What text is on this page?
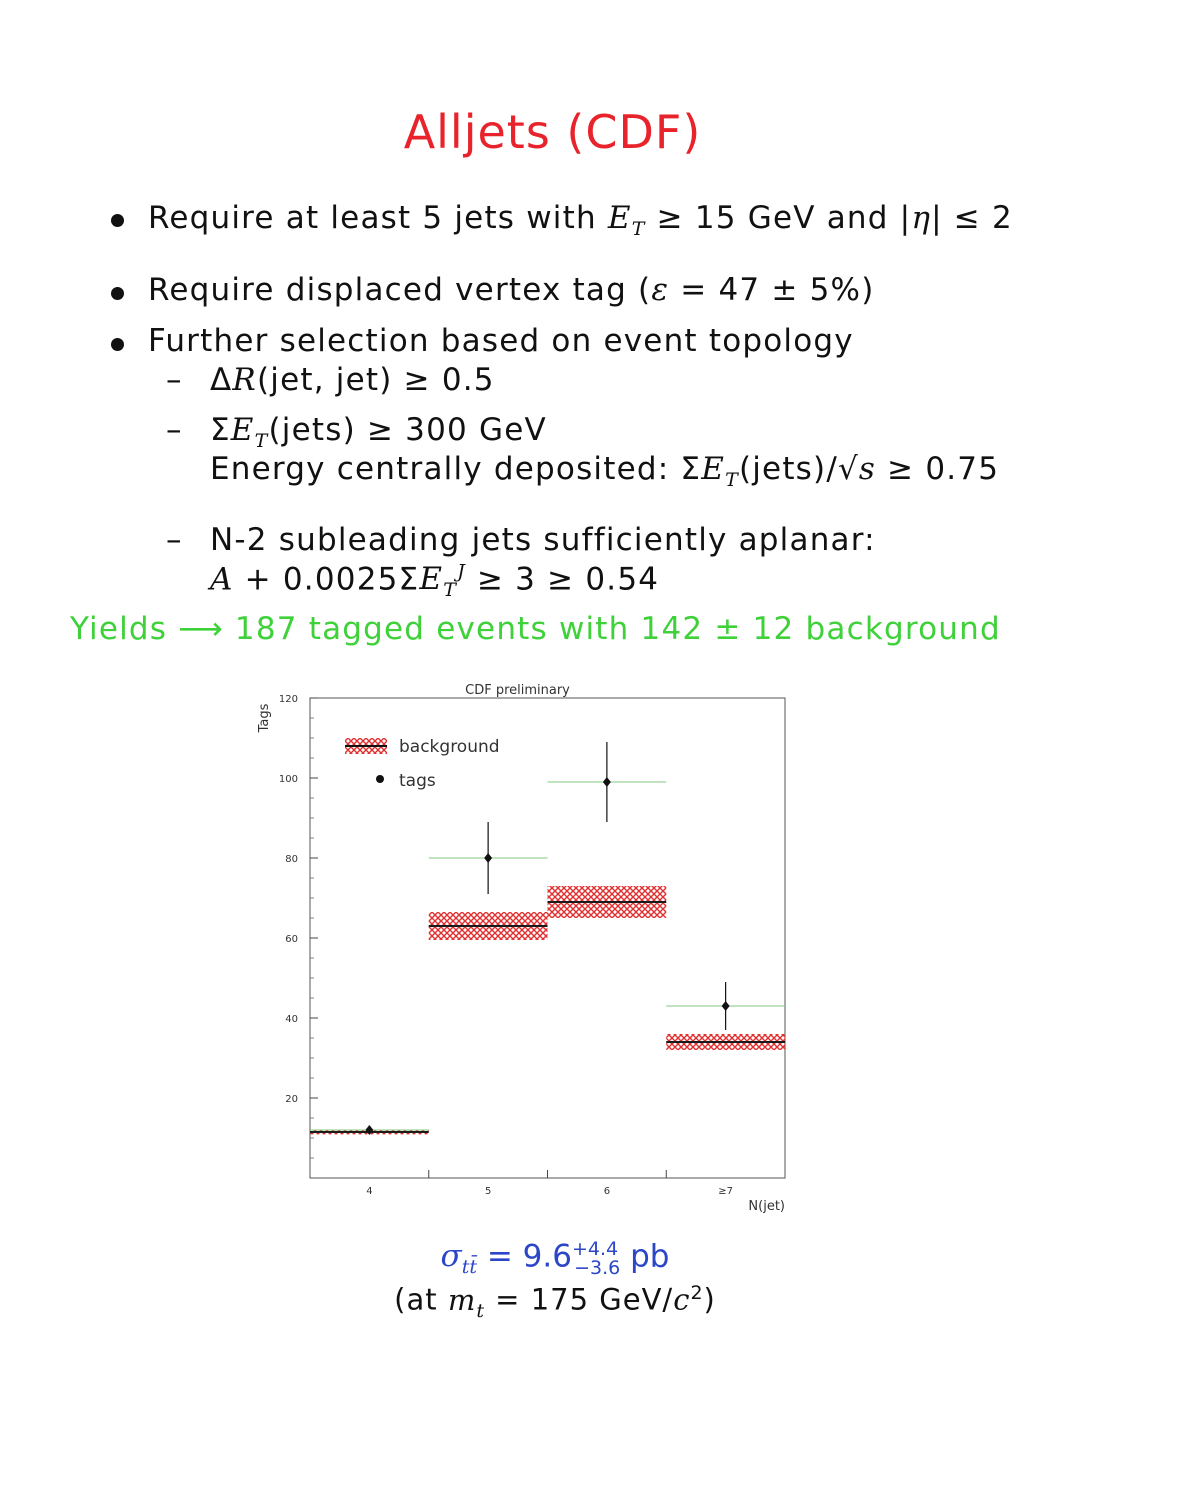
Alljets (CDF)
Require at least 5 jets with $E_T \ge 15$ GeV and |η| ≤ 2
Require displaced vertex tag (ε = 47 ± 5%)
Further selection based on event topology
– ΔR(jet, jet) ≥ 0.5
– $\Sigma E_T(jets) \ge 300$ GeV
Energy centrally deposited: $\Sigma E_T(jets)/√s \ge 0.75$
– N-2 subleading jets sufficiently aplanar:
$A + 0.0025\Sigma E_T^J \ge 3 \ge 0.54$
Yields ⟶ 187 tagged events with 142 ± 12 background
CDF preliminary
Tags
20
40
60
80
100
120
4	5	6	≥7
N(jet)
background
tags
$\sigma_{tt̄} = 9.6^{+4.4}_{-3.6}$ pb
(at $m_t = 175$ GeV/$c^2$)
